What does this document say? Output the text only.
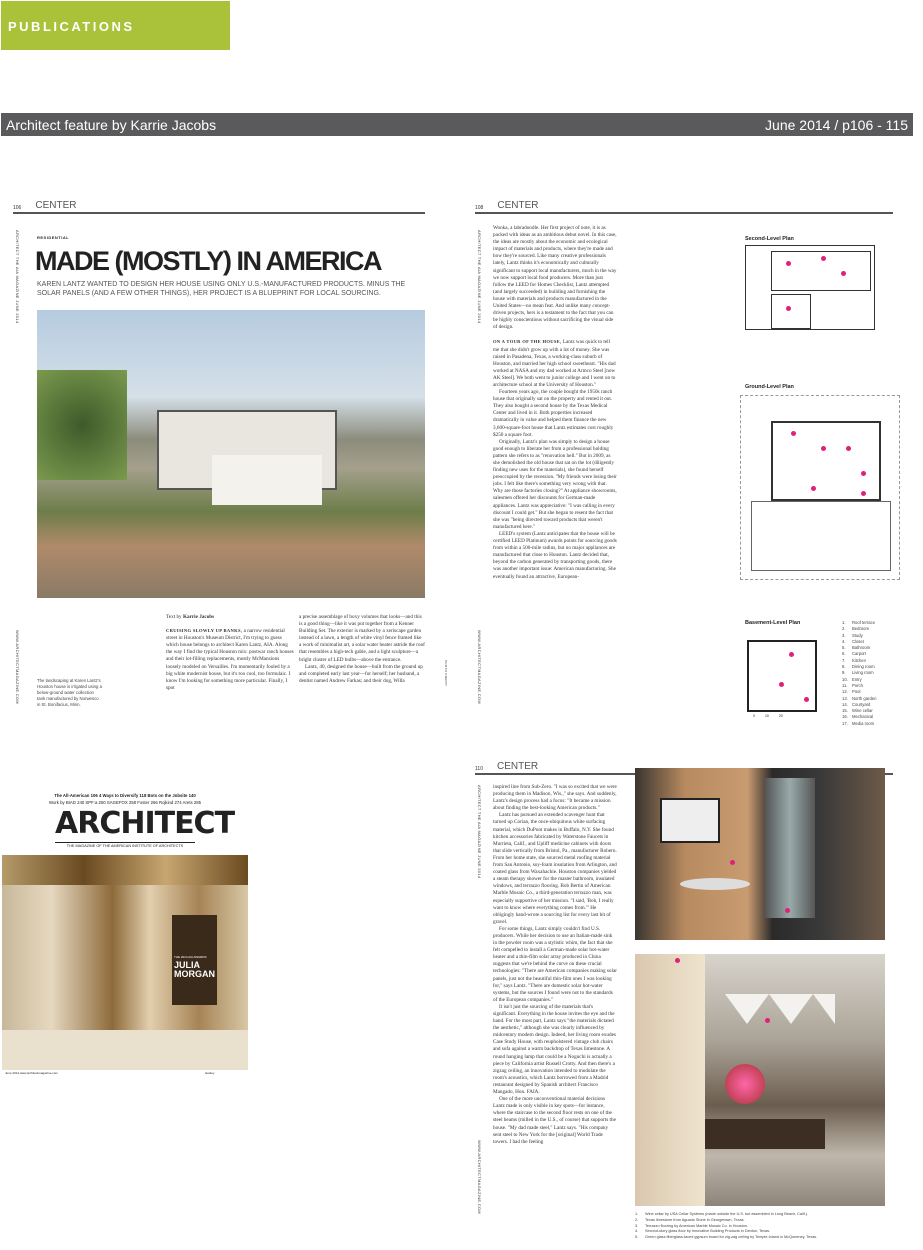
PUBLICATIONS
Architect feature by Karrie Jacobs	June 2014 / p106 - 115
106 CENTER
ARCHITECT THE AIA MAGAZINE JUNE 2014
WWW.ARCHITECTMAGAZINE.COM
RESIDENTIAL
MADE (MOSTLY) IN AMERICA
KAREN LANTZ WANTED TO DESIGN HER HOUSE USING ONLY U.S.-MANUFACTURED PRODUCTS. MINUS THE SOLAR PANELS (AND A FEW OTHER THINGS), HER PROJECT IS A BLUEPRINT FOR LOCAL SOURCING.
The landscaping at Karen Lantz's Houston house is irrigated using a below-ground water collection tank manufactured by Norwesco in St. Bonifacius, Minn.

Text by Karrie Jacobs

CRUISING SLOWLY UP BANKS, a narrow residential street in Houston's Museum District, I'm trying to guess which house belongs to architect Karen Lantz, AIA. Along the way I find the typical Houston mix: postwar ranch houses and their lot-filling replacements, mostly McMansions loosely modeled on Versailles. I'm momentarily fooled by a big white modernist house, but it's too cool, too formulaic. I know I'm looking for something more particular. Finally, I spot

a precise assemblage of boxy volumes that looks—and this is a good thing—like it was put together from a Kenner Building Set. The exterior is marked by a xeriscape garden instead of a lawn, a length of white vinyl fence framed like a work of minimalist art, a solar water heater astride the roof that resembles a high-tech gable, and a light sculpture—a bright cluster of LED bulbs—above the entrance.

Lantz, 40, designed the house—built from the ground up and completed early last year—for herself; her husband, a dentist named Andrew Farkas; and their dog, Willa	PHOTO CREDIT
108 CENTER
ARCHITECT THE AIA MAGAZINE JUNE 2014
WWW.ARCHITECTMAGAZINE.COM

Wonka, a labradoodle. Her first project of note, it is as packed with ideas as an ambitious debut novel. In this case, the ideas are mostly about the economic and ecological impact of materials and products, where they're made and how they're sourced. Like many creative professionals lately, Lantz thinks it's economically and culturally significant to support local manufacturers, much in the way we now support local food producers. More than just follow the LEED for Homes Checklist, Lantz attempted (and largely succeeded) in building and furnishing the house with materials and products manufactured in the United States—no mean feat. And unlike many concept-driven projects, hers is a testament to the fact that you can be highly conscientious without sacrificing the visual side of design.

ON A TOUR OF THE HOUSE, Lantz was quick to tell me that she didn't grow up with a lot of money. She was raised in Pasadena, Texas, a working-class suburb of Houston, and married her high school sweetheart. "His dad worked at NASA and my dad worked at Armco Steel [now AK Steel]. We both went to junior college and I went on to architecture school at the University of Houston."

Fourteen years ago, the couple bought the 1950s ranch house that originally sat on the property and rented it out. They also bought a second house by the Texas Medical Center and lived in it. Both properties increased dramatically in value and helped them finance the new 3,600-square-foot house that Lantz estimates cost roughly $250 a square foot.

Originally, Lantz's plan was simply to design a house good enough to liberate her from a professional holding pattern she refers to as "renovation hell." But in 2009, as she demolished the old house that sat on the lot (diligently finding new uses for the materials), she found herself preoccupied by the recession. "My friends were losing their jobs. I felt like there's something very wrong with that. Why are those factories closing?" At appliance showrooms, salesmen offered her discounts for German-made appliances. Lantz was appreciative: "I was calling in every discount I could get." But she began to resent the fact that she was "being directed toward products that weren't manufactured here."

LEED's system (Lantz anticipates that the house will be certified LEED Platinum) awards points for sourcing goods from within a 500-mile radius, but no major appliances are manufactured that close to Houston. Lantz decided that, beyond the carbon generated by transporting goods, there was another important issue: American manufacturing. She eventually found an attractive, European-

Second-Level Plan
Ground-Level Plan
Basement-Level Plan
0	10	20
1. Roof terrace
2. Bedroom
3. Study
4. Closet
5. Bathroom
6. Carport
7. Kitchen
8. Dining room
9. Living room
10. Entry
11. Porch
12. Pool
13. North garden
14. Courtyard
15. Wine cellar
16. Mechanical
17. Media room
The All-American 106 4 Ways to Diversify 118 Bots on the Jobsite 140
Work by BIAD 240 SPF:a 250 SAGEFOX 258 Foster 266 Rojkind 274 Arets 285
ARCHITECT
THE MAGAZINE OF THE AMERICAN INSTITUTE OF ARCHITECTS
THE 2014 AIA AWARDS
JULIA MORGAN
June 2014 www.architectmagazine.com	Hanley
110 CENTER
ARCHITECT THE AIA MAGAZINE JUNE 2014
WWW.ARCHITECTMAGAZINE.COM

inspired line from Sub-Zero. "I was so excited that we were producing them in Madison, Wis.," she says. And suddenly, Lantz's design process had a focus: "It became a mission about finding the best-looking American products."

Lantz has pursued an extended scavenger hunt that turned up Corian, the once-ubiquitous white surfacing material, which DuPont makes in Buffalo, N.Y. She found kitchen accessories fabricated by Waterstone Faucets in Murrieta, Calif., and Upliff medicine cabinets with doors that slide vertically from Bristol, Pa., manufacturer Robern. From her home state, she sourced metal roofing material from San Antonio, soy-foam insulation from Arlington, and coated glass from Waxahachie. Houston companies yielded a steam therapy shower for the master bathroom, insulated windows, and terrazzo flooring. Bob Bertin of American Marble Mosaic Co., a third-generation terrazzo man, was especially supportive of her mission. "I said, 'Bob, I really want to know where everything comes from.'" He obligingly hand-wrote a sourcing list for every last bit of gravel.

For some things, Lantz simply couldn't find U.S. producers. While her decision to use an Italian-made sink in the powder room was a stylistic whim, the fact that she felt compelled to install a German-made solar hot-water heater and a thin-film solar array produced in China suggests that we're behind the curve on these crucial technologies: "There are American companies making solar panels, just not the beautiful thin-film ones I was looking for," says Lantz. "There are domestic solar hot-water systems, but the sources I found were not to the standards of the European companies."

It isn't just the sourcing of the materials that's significant. Everything in the house invites the eye and the hand. For the most part, Lantz says "the materials dictated the aesthetic," although she was clearly influenced by midcentury modern design. Indeed, her living room exudes Case Study House, with reupholstered vintage club chairs and sofa against a warm backdrop of Texas limestone. A round hanging lamp that could be a Noguchi is actually a piece by California artist Russell Crotty. And then there's a zigzag ceiling, an innovation intended to modulate the room's acoustics, which Lantz borrowed from a Madrid restaurant designed by Spanish architect Francisco Mangado, Hon. FAIA.

One of the more unconventional material decisions Lantz made is only visible in key spots—for instance, where the staircase to the second floor rests on one of the steel beams (milled in the U.S., of course) that supports the house. "My dad made steel," Lantz says. "His company sent steel to New York for the [original] World Trade towers. I had the feeling

1. Wine cellar by USA Cellar Systems (made outside the U.S. but assembled in Long Beach, Calif.).
2. Texas limestone from Aguado Stone in Georgetown, Texas.
3. Terrazzo flooring by American Marble Mosaic Co. in Houston.
4. Second-story glass floor by Innovative Building Products in Denton, Texas.
5. Green glass fiberglass-faced gypsum board for zig-zag ceiling by Temple-Inland in McQueeney, Texas.
